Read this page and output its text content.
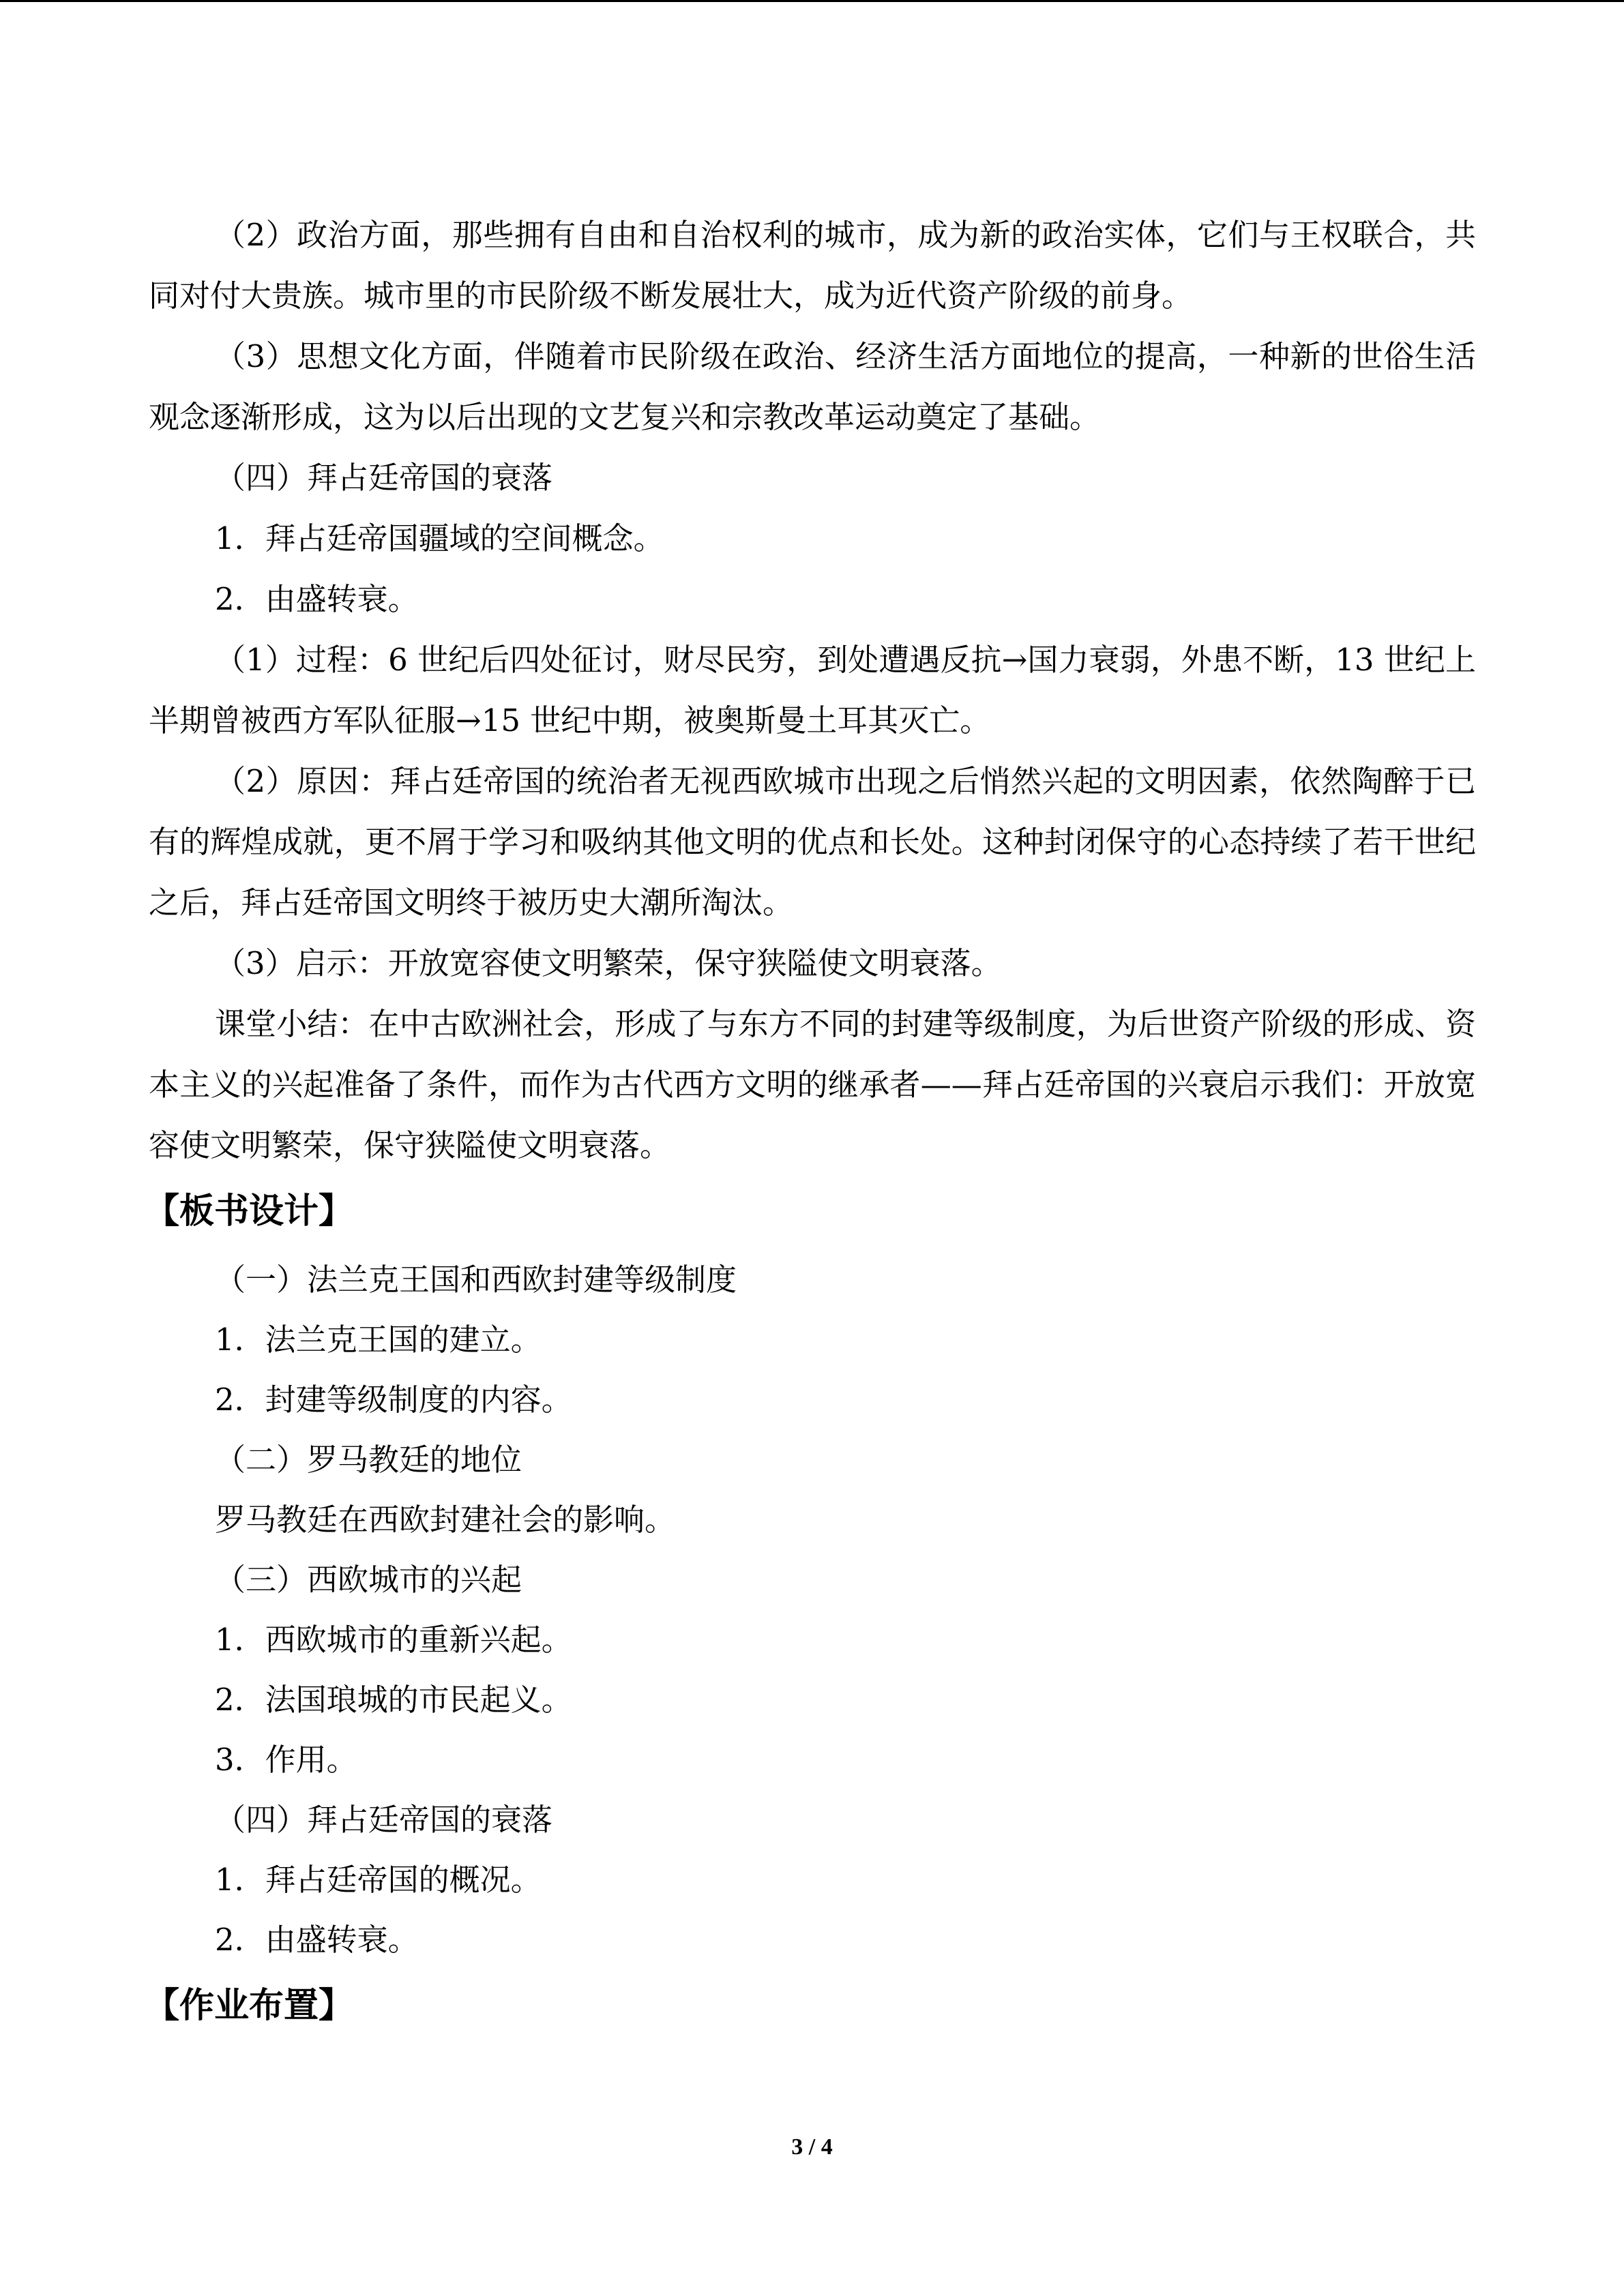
（2）政治方面，那些拥有自由和自治权利的城市，成为新的政治实体，它们与王权联合，共同对付大贵族。城市里的市民阶级不断发展壮大，成为近代资产阶级的前身。

（3）思想文化方面，伴随着市民阶级在政治、经济生活方面地位的提高，一种新的世俗生活观念逐渐形成，这为以后出现的文艺复兴和宗教改革运动奠定了基础。

（四）拜占廷帝国的衰落

1．拜占廷帝国疆域的空间概念。

2．由盛转衰。

（1）过程：6 世纪后四处征讨，财尽民穷，到处遭遇反抗→国力衰弱，外患不断，13 世纪上半期曾被西方军队征服→15 世纪中期，被奥斯曼土耳其灭亡。

（2）原因：拜占廷帝国的统治者无视西欧城市出现之后悄然兴起的文明因素，依然陶醉于已有的辉煌成就，更不屑于学习和吸纳其他文明的优点和长处。这种封闭保守的心态持续了若干世纪之后，拜占廷帝国文明终于被历史大潮所淘汰。

（3）启示：开放宽容使文明繁荣，保守狭隘使文明衰落。

课堂小结：在中古欧洲社会，形成了与东方不同的封建等级制度，为后世资产阶级的形成、资本主义的兴起准备了条件，而作为古代西方文明的继承者——拜占廷帝国的兴衰启示我们：开放宽容使文明繁荣，保守狭隘使文明衰落。

【板书设计】

（一）法兰克王国和西欧封建等级制度

1．法兰克王国的建立。

2．封建等级制度的内容。

（二）罗马教廷的地位

罗马教廷在西欧封建社会的影响。

（三）西欧城市的兴起

1．西欧城市的重新兴起。

2．法国琅城的市民起义。

3．作用。

（四）拜占廷帝国的衰落

1．拜占廷帝国的概况。

2．由盛转衰。

【作业布置】
3 / 4
